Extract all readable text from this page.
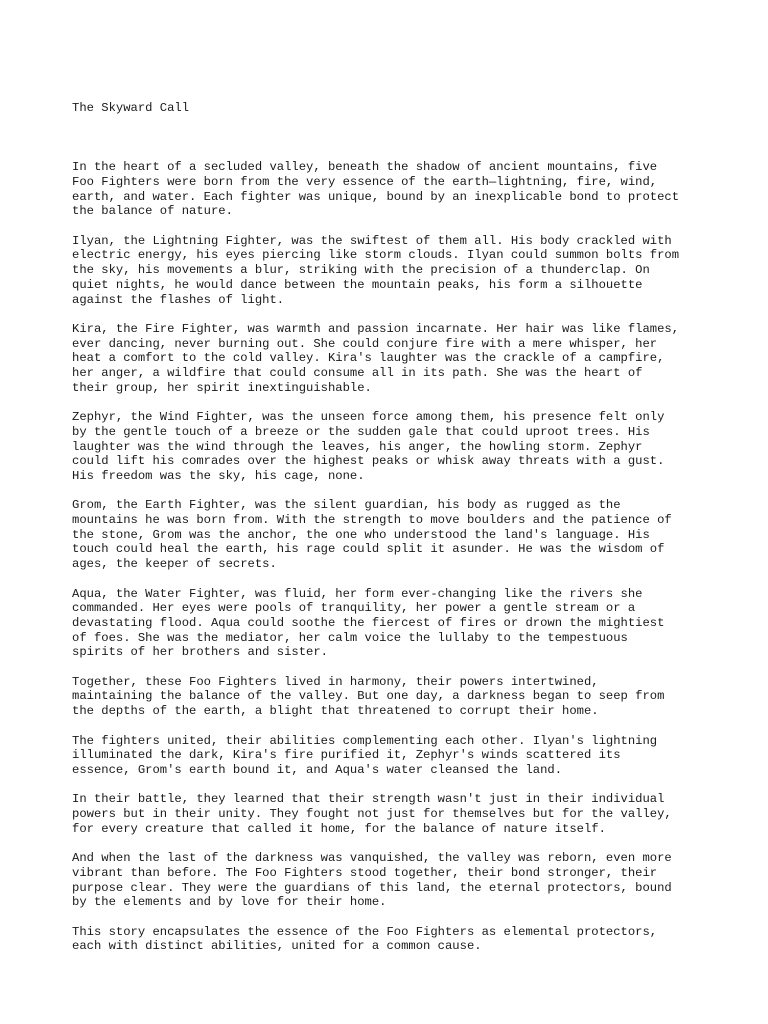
The Skyward Call

In the heart of a secluded valley, beneath the shadow of ancient mountains, five
Foo Fighters were born from the very essence of the earth—lightning, fire, wind,
earth, and water. Each fighter was unique, bound by an inexplicable bond to protect
the balance of nature.
Ilyan, the Lightning Fighter, was the swiftest of them all. His body crackled with
electric energy, his eyes piercing like storm clouds. Ilyan could summon bolts from
the sky, his movements a blur, striking with the precision of a thunderclap. On
quiet nights, he would dance between the mountain peaks, his form a silhouette
against the flashes of light.
Kira, the Fire Fighter, was warmth and passion incarnate. Her hair was like flames,
ever dancing, never burning out. She could conjure fire with a mere whisper, her
heat a comfort to the cold valley. Kira's laughter was the crackle of a campfire,
her anger, a wildfire that could consume all in its path. She was the heart of
their group, her spirit inextinguishable.
Zephyr, the Wind Fighter, was the unseen force among them, his presence felt only
by the gentle touch of a breeze or the sudden gale that could uproot trees. His
laughter was the wind through the leaves, his anger, the howling storm. Zephyr
could lift his comrades over the highest peaks or whisk away threats with a gust.
His freedom was the sky, his cage, none.
Grom, the Earth Fighter, was the silent guardian, his body as rugged as the
mountains he was born from. With the strength to move boulders and the patience of
the stone, Grom was the anchor, the one who understood the land's language. His
touch could heal the earth, his rage could split it asunder. He was the wisdom of
ages, the keeper of secrets.
Aqua, the Water Fighter, was fluid, her form ever-changing like the rivers she
commanded. Her eyes were pools of tranquility, her power a gentle stream or a
devastating flood. Aqua could soothe the fiercest of fires or drown the mightiest
of foes. She was the mediator, her calm voice the lullaby to the tempestuous
spirits of her brothers and sister.
Together, these Foo Fighters lived in harmony, their powers intertwined,
maintaining the balance of the valley. But one day, a darkness began to seep from
the depths of the earth, a blight that threatened to corrupt their home.
The fighters united, their abilities complementing each other. Ilyan's lightning
illuminated the dark, Kira's fire purified it, Zephyr's winds scattered its
essence, Grom's earth bound it, and Aqua's water cleansed the land.
In their battle, they learned that their strength wasn't just in their individual
powers but in their unity. They fought not just for themselves but for the valley,
for every creature that called it home, for the balance of nature itself.
And when the last of the darkness was vanquished, the valley was reborn, even more
vibrant than before. The Foo Fighters stood together, their bond stronger, their
purpose clear. They were the guardians of this land, the eternal protectors, bound
by the elements and by love for their home.
This story encapsulates the essence of the Foo Fighters as elemental protectors,
each with distinct abilities, united for a common cause.
